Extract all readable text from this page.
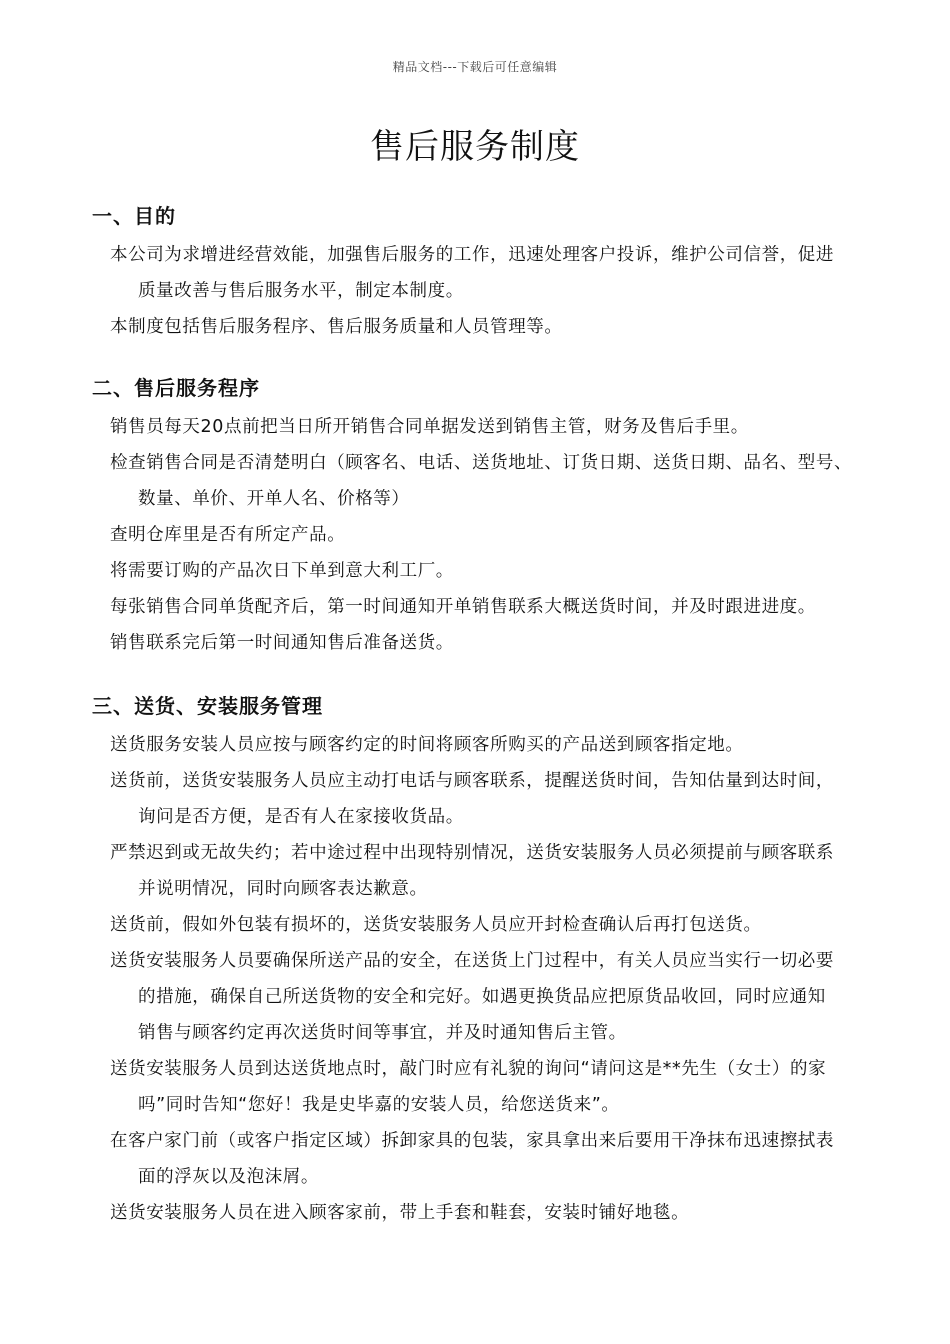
精品文档---下载后可任意编辑
售后服务制度
一、目的

本公司为求增进经营效能，加强售后服务的工作，迅速处理客户投诉，维护公司信誉，促进
质量改善与售后服务水平，制定本制度。

本制度包括售后服务程序、售后服务质量和人员管理等。

二、售后服务程序

销售员每天20点前把当日所开销售合同单据发送到销售主管，财务及售后手里。

检查销售合同是否清楚明白（顾客名、电话、送货地址、订货日期、送货日期、品名、型号、
数量、单价、开单人名、价格等）

查明仓库里是否有所定产品。

将需要订购的产品次日下单到意大利工厂。

每张销售合同单货配齐后，第一时间通知开单销售联系大概送货时间，并及时跟进进度。

销售联系完后第一时间通知售后准备送货。

三、送货、安装服务管理

送货服务安装人员应按与顾客约定的时间将顾客所购买的产品送到顾客指定地。

送货前，送货安装服务人员应主动打电话与顾客联系，提醒送货时间，告知估量到达时间，
询问是否方便，是否有人在家接收货品。

严禁迟到或无故失约；若中途过程中出现特别情况，送货安装服务人员必须提前与顾客联系
并说明情况，同时向顾客表达歉意。

送货前，假如外包装有损坏的，送货安装服务人员应开封检查确认后再打包送货。

送货安装服务人员要确保所送产品的安全，在送货上门过程中，有关人员应当实行一切必要
的措施，确保自己所送货物的安全和完好。如遇更换货品应把原货品收回，同时应通知
销售与顾客约定再次送货时间等事宜，并及时通知售后主管。

送货安装服务人员到达送货地点时，敲门时应有礼貌的询问“请问这是**先生（女士）的家
吗”同时告知“您好！我是史毕嘉的安装人员，给您送货来”。

在客户家门前（或客户指定区域）拆卸家具的包装，家具拿出来后要用干净抹布迅速擦拭表
面的浮灰以及泡沫屑。

送货安装服务人员在进入顾客家前，带上手套和鞋套，安装时铺好地毯。
